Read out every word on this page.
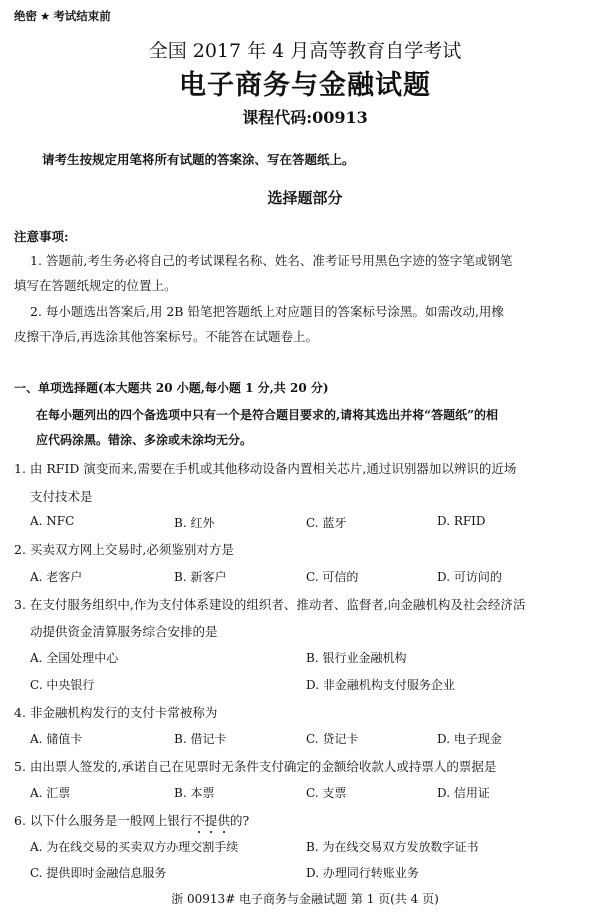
绝密 ★ 考试结束前
全国 2017 年 4 月高等教育自学考试
电子商务与金融试题
课程代码:00913
请考生按规定用笔将所有试题的答案涂、写在答题纸上。
选择题部分
注意事项:
1. 答题前,考生务必将自己的考试课程名称、姓名、准考证号用黑色字迹的签字笔或钢笔
填写在答题纸规定的位置上。
2. 每小题选出答案后,用 2B 铅笔把答题纸上对应题目的答案标号涂黑。如需改动,用橡
皮擦干净后,再选涂其他答案标号。不能答在试题卷上。
一、单项选择题(本大题共 20 小题,每小题 1 分,共 20 分)
在每小题列出的四个备选项中只有一个是符合题目要求的,请将其选出并将“答题纸”的相
应代码涂黑。错涂、多涂或未涂均无分。
1. 由 RFID 演变而来,需要在手机或其他移动设备内置相关芯片,通过识别器加以辨识的近场
支付技术是
A. NFC	B. 红外	C. 蓝牙	D. RFID
2. 买卖双方网上交易时,必须鉴别对方是
A. 老客户	B. 新客户	C. 可信的	D. 可访问的
3. 在支付服务组织中,作为支付体系建设的组织者、推动者、监督者,向金融机构及社会经济活
动提供资金清算服务综合安排的是
A. 全国处理中心	B. 银行业金融机构
C. 中央银行	D. 非金融机构支付服务企业
4. 非金融机构发行的支付卡常被称为
A. 储值卡	B. 借记卡	C. 贷记卡	D. 电子现金
5. 由出票人签发的,承诺自己在见票时无条件支付确定的金额给收款人或持票人的票据是
A. 汇票	B. 本票	C. 支票	D. 信用证
6. 以下什么服务是一般网上银行不提供的?
A. 为在线交易的买卖双方办理交割手续	B. 为在线交易双方发放数字证书
C. 提供即时金融信息服务	D. 办理同行转账业务
浙 00913# 电子商务与金融试题 第 1 页(共 4 页)
